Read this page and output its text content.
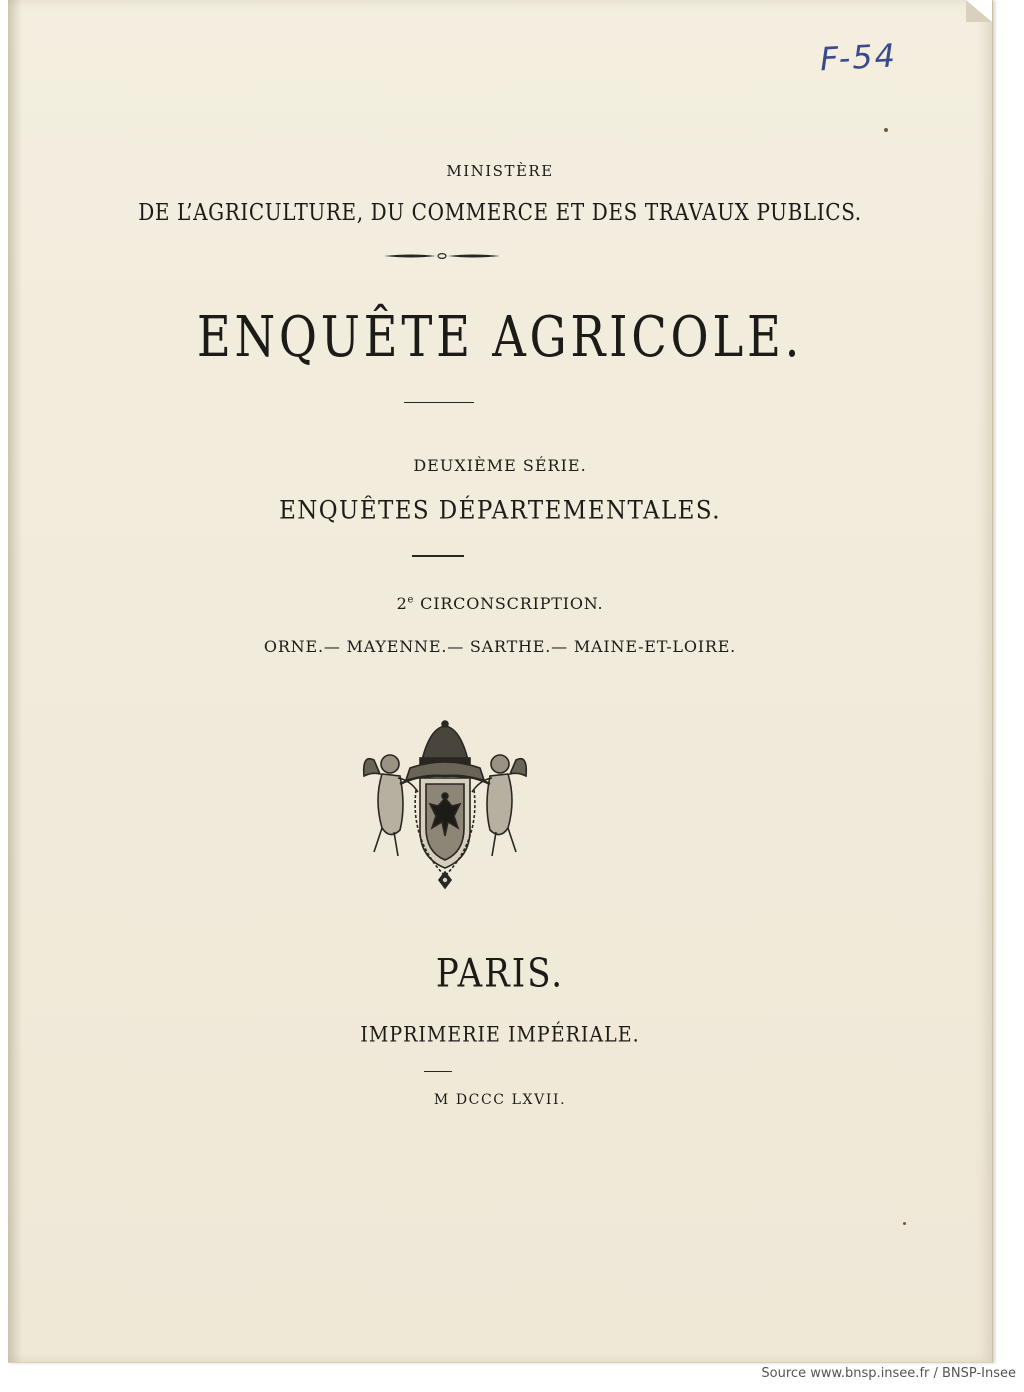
F-54
MINISTÈRE
DE L’AGRICULTURE, DU COMMERCE ET DES TRAVAUX PUBLICS.
ENQUÊTE AGRICOLE.
DEUXIÈME SÉRIE.
ENQUÊTES DÉPARTEMENTALES.
2e CIRCONSCRIPTION.
ORNE.— MAYENNE.— SARTHE.— MAINE-ET-LOIRE.
PARIS.
IMPRIMERIE IMPÉRIALE.
M DCCC LXVII.
Source www.bnsp.insee.fr / BNSP-Insee
